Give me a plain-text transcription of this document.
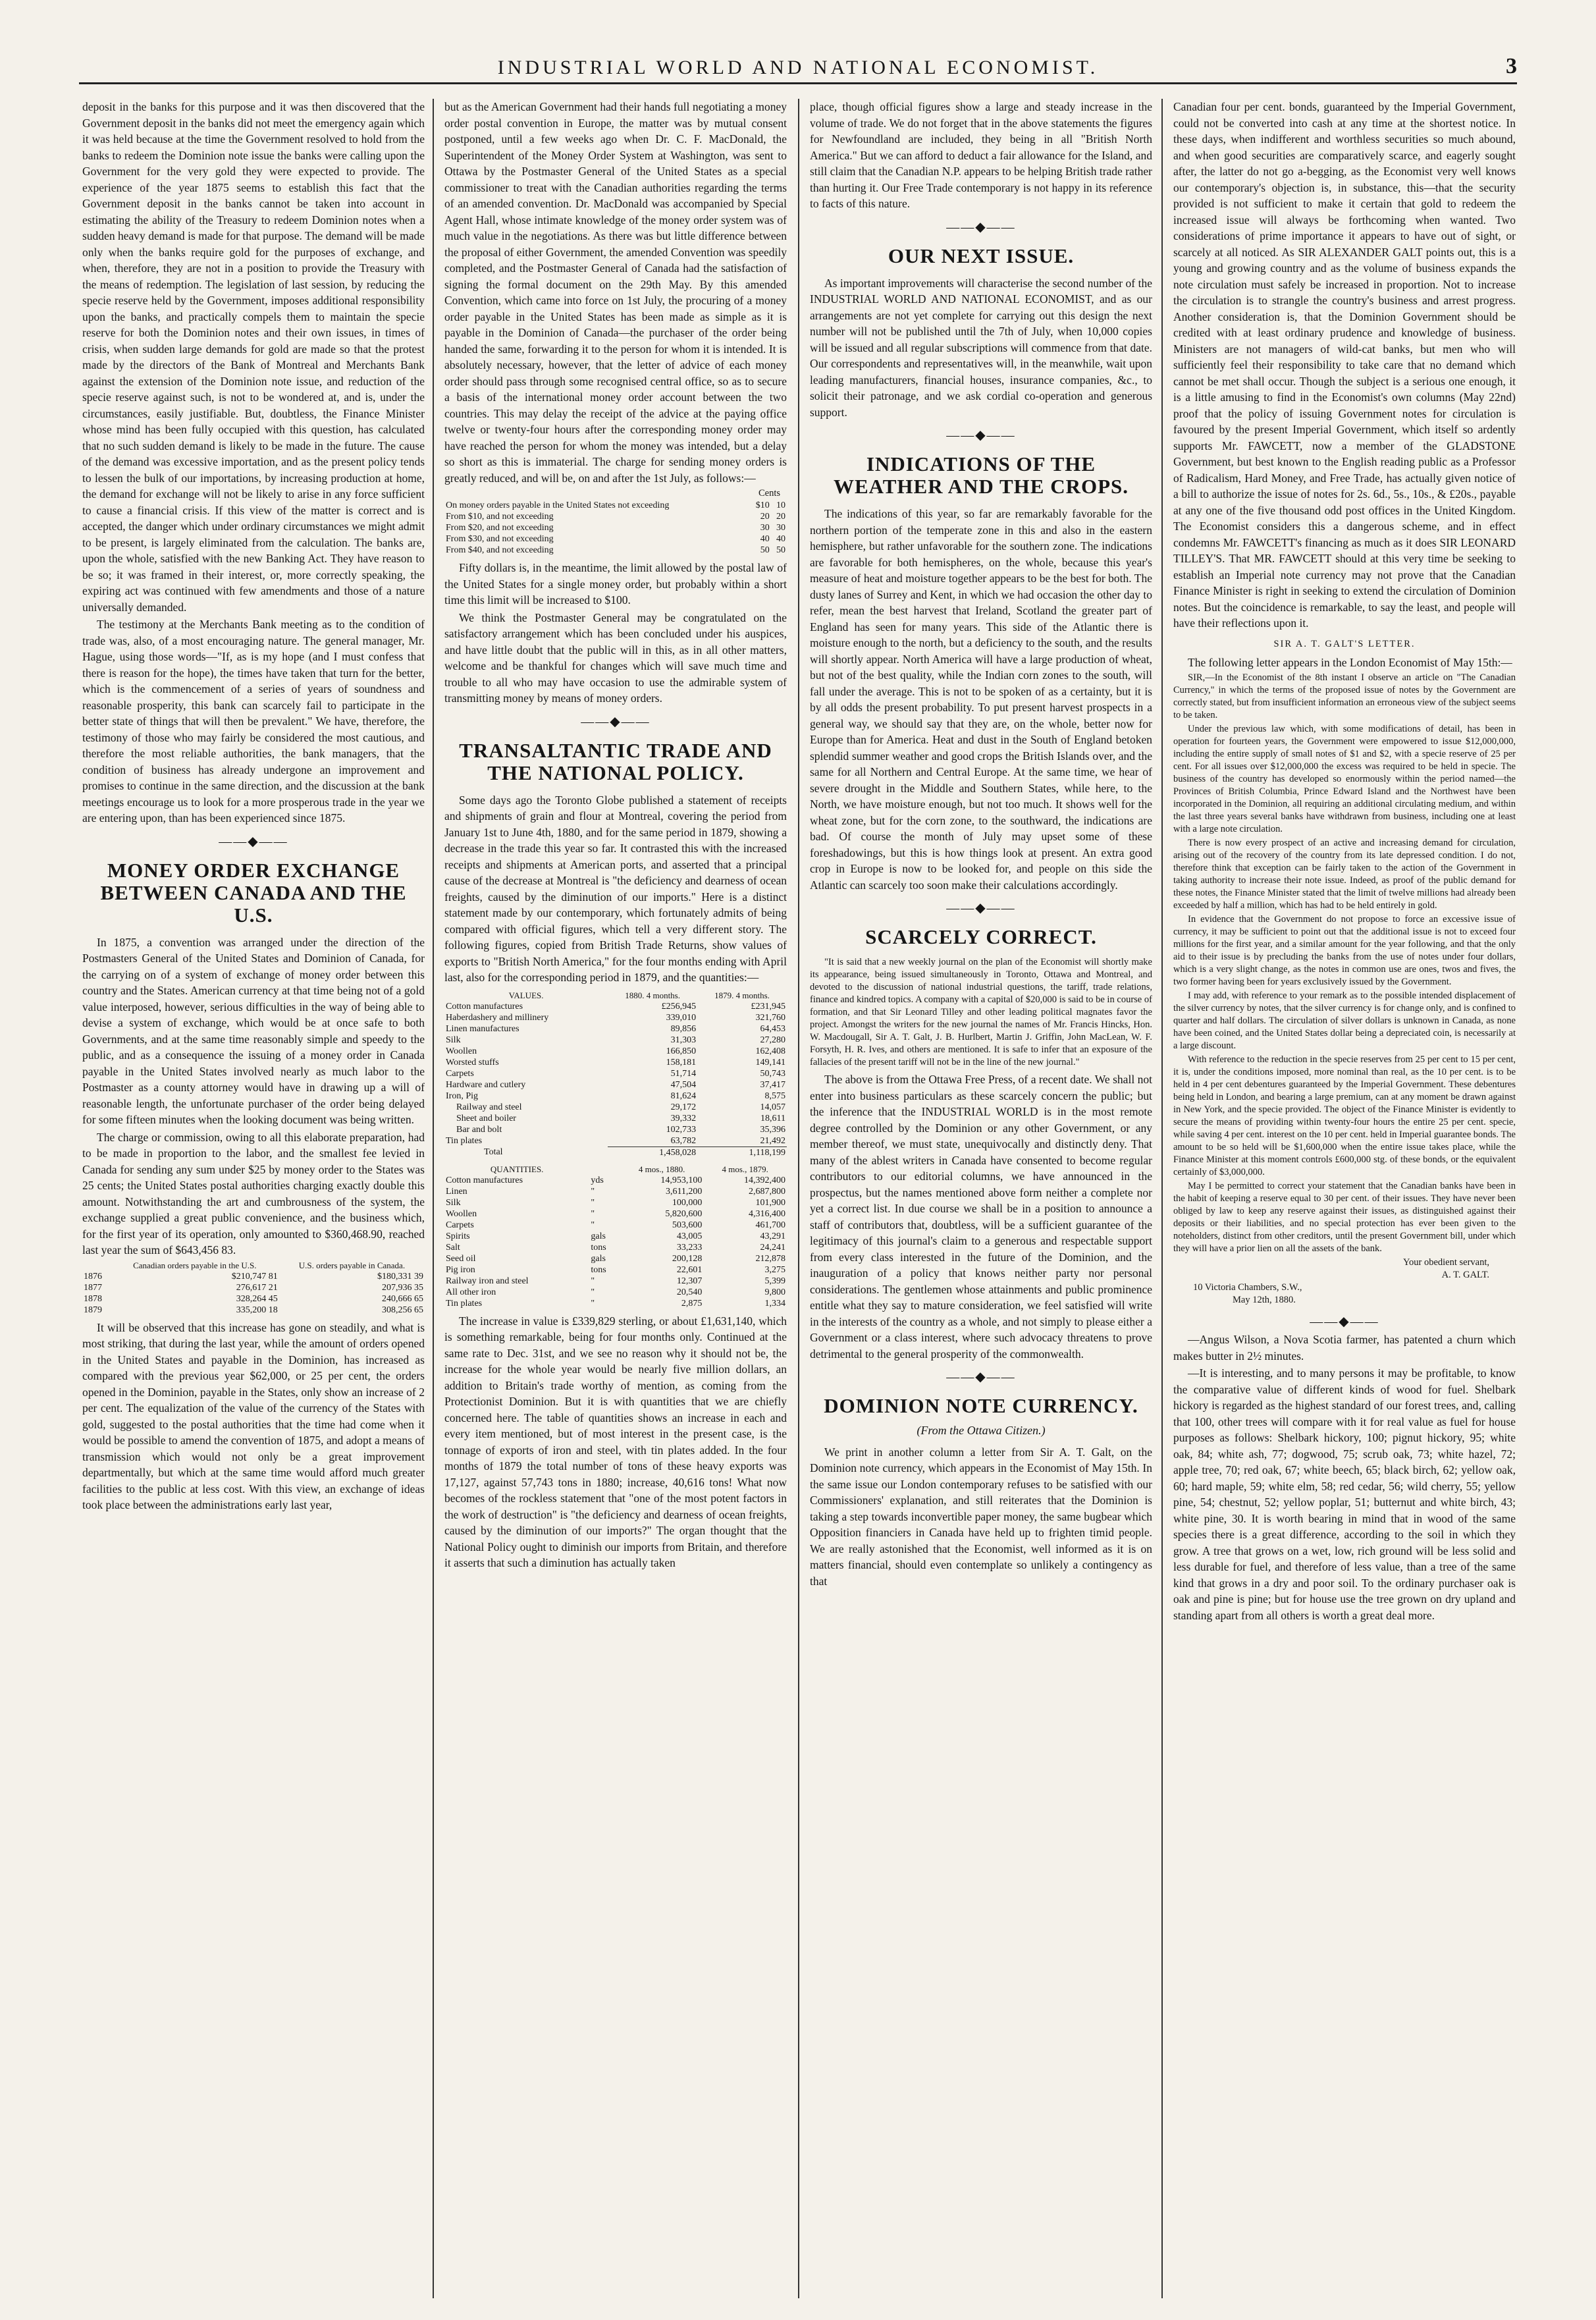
INDUSTRIAL WORLD AND NATIONAL ECONOMIST.	3

deposit in the banks for this purpose and it was then discovered that the Government deposit in the banks did not meet the emergency again which it was held because at the time the Government resolved to hold from the banks to redeem the Dominion note issue the banks were calling upon the Government for the very gold they were expected to provide. The experience of the year 1875 seems to establish this fact that the Government deposit in the banks cannot be taken into account in estimating the ability of the Treasury to redeem Dominion notes when a sudden heavy demand is made for that purpose. The demand will be made only when the banks require gold for the purposes of exchange, and when, therefore, they are not in a position to provide the Treasury with the means of redemption. The legislation of last session, by reducing the specie reserve held by the Government, imposes additional responsibility upon the banks, and practically compels them to maintain the specie reserve for both the Dominion notes and their own issues, in times of crisis, when sudden large demands for gold are made so that the protest made by the directors of the Bank of Montreal and Merchants Bank against the extension of the Dominion note issue, and reduction of the specie reserve against such, is not to be wondered at, and is, under the circumstances, easily justifiable. But, doubtless, the Finance Minister whose mind has been fully occupied with this question, has calculated that no such sudden demand is likely to be made in the future. The cause of the demand was excessive importation, and as the present policy tends to lessen the bulk of our importations, by increasing production at home, the demand for exchange will not be likely to arise in any force sufficient to cause a financial crisis. If this view of the matter is correct and is accepted, the danger which under ordinary circumstances we might admit to be present, is largely eliminated from the calculation. The banks are, upon the whole, satisfied with the new Banking Act. They have reason to be so; it was framed in their interest, or, more correctly speaking, the expiring act was continued with few amendments and those of a nature universally demanded.

The testimony at the Merchants Bank meeting as to the condition of trade was, also, of a most encouraging nature. The general manager, Mr. Hague, using those words—"If, as is my hope (and I must confess that there is reason for the hope), the times have taken that turn for the better, which is the commencement of a series of years of soundness and reasonable prosperity, this bank can scarcely fail to participate in the better state of things that will then be prevalent." We have, therefore, the testimony of those who may fairly be considered the most cautious, and therefore the most reliable authorities, the bank managers, that the condition of business has already undergone an improvement and promises to continue in the same direction, and the discussion at the bank meetings encourage us to look for a more prosperous trade in the year we are entering upon, than has been experienced since 1875.

——◆——
MONEY ORDER EXCHANGE BETWEEN CANADA AND THE U.S.

In 1875, a convention was arranged under the direction of the Postmasters General of the United States and Dominion of Canada, for the carrying on of a system of exchange of money order between this country and the States. American currency at that time being not of a gold value interposed, however, serious difficulties in the way of being able to devise a system of exchange, which would be at once safe to both Governments, and at the same time reasonably simple and speedy to the public, and as a consequence the issuing of a money order in Canada payable in the United States involved nearly as much labor to the Postmaster as a county attorney would have in drawing up a will of reasonable length, the unfortunate purchaser of the order being delayed for some fifteen minutes when the looking document was being written.

The charge or commission, owing to all this elaborate preparation, had to be made in proportion to the labor, and the smallest fee levied in Canada for sending any sum under $25 by money order to the States was 25 cents; the United States postal authorities charging exactly double this amount. Notwithstanding the art and cumbrousness of the system, the exchange supplied a great public convenience, and the business which, for the first year of its operation, only amounted to $360,468.90, reached last year the sum of $643,456 83.

	Canadian orders payable in the U.S.	U.S. orders payable in Canada.
1876	$210,747 81	$180,331 39
1877	276,617 21	207,936 35
1878	328,264 45	240,666 65
1879	335,200 18	308,256 65

It will be observed that this increase has gone on steadily, and what is most striking, that during the last year, while the amount of orders opened in the United States and payable in the Dominion, has increased as compared with the previous year $62,000, or 25 per cent, the orders opened in the Dominion, payable in the States, only show an increase of 2 per cent. The equalization of the value of the currency of the States with gold, suggested to the postal authorities that the time had come when it would be possible to amend the convention of 1875, and adopt a means of transmission which would not only be a great improvement departmentally, but which at the same time would afford much greater facilities to the public at less cost. With this view, an exchange of ideas took place between the administrations early last year,

but as the American Government had their hands full negotiating a money order postal convention in Europe, the matter was by mutual consent postponed, until a few weeks ago when Dr. C. F. MacDonald, the Superintendent of the Money Order System at Washington, was sent to Ottawa by the Postmaster General of the United States as a special commissioner to treat with the Canadian authorities regarding the terms of an amended convention. Dr. MacDonald was accompanied by Special Agent Hall, whose intimate knowledge of the money order system was of much value in the negotiations. As there was but little difference between the proposal of either Government, the amended Convention was speedily completed, and the Postmaster General of Canada had the satisfaction of signing the formal document on the 29th May. By this amended Convention, which came into force on 1st July, the procuring of a money order payable in the United States has been made as simple as it is payable in the Dominion of Canada—the purchaser of the order being handed the same, forwarding it to the person for whom it is intended. It is absolutely necessary, however, that the letter of advice of each money order should pass through some recognised central office, so as to secure a basis of the international money order account between the two countries. This may delay the receipt of the advice at the paying office twelve or twenty-four hours after the corresponding money order may have reached the person for whom the money was intended, but a delay so short as this is immaterial. The charge for sending money orders is greatly reduced, and will be, on and after the 1st July, as follows:—

Cents
On money orders payable in the United States not exceeding	$10	10
From $10, and not exceeding	20	20
From $20, and not exceeding	30	30
From $30, and not exceeding	40	40
From $40, and not exceeding	50	50

Fifty dollars is, in the meantime, the limit allowed by the postal law of the United States for a single money order, but probably within a short time this limit will be increased to $100.

We think the Postmaster General may be congratulated on the satisfactory arrangement which has been concluded under his auspices, and have little doubt that the public will in this, as in all other matters, welcome and be thankful for changes which will save much time and trouble to all who may have occasion to use the admirable system of transmitting money by means of money orders.

——◆——
TRANSALTANTIC TRADE AND THE NATIONAL POLICY.

Some days ago the Toronto Globe published a statement of receipts and shipments of grain and flour at Montreal, covering the period from January 1st to June 4th, 1880, and for the same period in 1879, showing a decrease in the trade this year so far. It contrasted this with the increased receipts and shipments at American ports, and asserted that a principal cause of the decrease at Montreal is "the deficiency and dearness of ocean freights, caused by the diminution of our imports." Here is a distinct statement made by our contemporary, which fortunately admits of being compared with official figures, which tell a very different story. The following figures, copied from British Trade Returns, show values of exports to "British North America," for the four months ending with April last, also for the corresponding period in 1879, and the quantities:—

VALUES.	1880. 4 months.	1879. 4 months.
Cotton manufactures	£256,945	£231,945
Haberdashery and millinery	339,010	321,760
Linen manufactures	89,856	64,453
Silk	31,303	27,280
Woollen	166,850	162,408
Worsted stuffs	158,181	149,141
Carpets	51,714	50,743
Hardware and cutlery	47,504	37,417
Iron, Pig	81,624	8,575
Railway and steel	29,172	14,057
Sheet and boiler	39,332	18,611
Bar and bolt	102,733	35,396
Tin plates	63,782	21,492
Total	1,458,028	1,118,199
QUANTITIES.		4 mos., 1880.	4 mos., 1879.
Cotton manufactures	yds	14,953,100	14,392,400
Linen	"	3,611,200	2,687,800
Silk	"	100,000	101,900
Woollen	"	5,820,600	4,316,400
Carpets	"	503,600	461,700
Spirits	gals	43,005	43,291
Salt	tons	33,233	24,241
Seed oil	gals	200,128	212,878
Pig iron	tons	22,601	3,275
Railway iron and steel	"	12,307	5,399
All other iron	"	20,540	9,800
Tin plates	"	2,875	1,334

The increase in value is £339,829 sterling, or about £1,631,140, which is something remarkable, being for four months only. Continued at the same rate to Dec. 31st, and we see no reason why it should not be, the increase for the whole year would be nearly five million dollars, an addition to Britain's trade worthy of mention, as coming from the Protectionist Dominion. But it is with quantities that we are chiefly concerned here. The table of quantities shows an increase in each and every item mentioned, but of most interest in the present case, is the tonnage of exports of iron and steel, with tin plates added. In the four months of 1879 the total number of tons of these heavy exports was 17,127, against 57,743 tons in 1880; increase, 40,616 tons! What now becomes of the rockless statement that "one of the most potent factors in the work of destruction" is "the deficiency and dearness of ocean freights, caused by the diminution of our imports?" The organ thought that the National Policy ought to diminish our imports from Britain, and therefore it asserts that such a diminution has actually taken

place, though official figures show a large and steady increase in the volume of trade. We do not forget that in the above statements the figures for Newfoundland are included, they being in all "British North America." But we can afford to deduct a fair allowance for the Island, and still claim that the Canadian N.P. appears to be helping British trade rather than hurting it. Our Free Trade contemporary is not happy in its reference to facts of this nature.

——◆——
OUR NEXT ISSUE.

As important improvements will characterise the second number of the INDUSTRIAL WORLD AND NATIONAL ECONOMIST, and as our arrangements are not yet complete for carrying out this design the next number will not be published until the 7th of July, when 10,000 copies will be issued and all regular subscriptions will commence from that date. Our correspondents and representatives will, in the meanwhile, wait upon leading manufacturers, financial houses, insurance companies, &c., to solicit their patronage, and we ask cordial co-operation and generous support.

——◆——
INDICATIONS OF THE WEATHER AND THE CROPS.

The indications of this year, so far are remarkably favorable for the northern portion of the temperate zone in this and also in the eastern hemisphere, but rather unfavorable for the southern zone. The indications are favorable for both hemispheres, on the whole, because this year's measure of heat and moisture together appears to be the best for both. The dusty lanes of Surrey and Kent, in which we had occasion the other day to refer, mean the best harvest that Ireland, Scotland the greater part of England has seen for many years. This side of the Atlantic there is moisture enough to the north, but a deficiency to the south, and the results will shortly appear. North America will have a large production of wheat, but not of the best quality, while the Indian corn zones to the south, will fall under the average. This is not to be spoken of as a certainty, but it is by all odds the present probability. To put present harvest prospects in a general way, we should say that they are, on the whole, better now for Europe than for America. Heat and dust in the South of England betoken splendid summer weather and good crops the British Islands over, and the same for all Northern and Central Europe. At the same time, we hear of severe drought in the Middle and Southern States, while here, to the North, we have moisture enough, but not too much. It shows well for the wheat zone, but for the corn zone, to the southward, the indications are bad. Of course the month of July may upset some of these foreshadowings, but this is how things look at present. An extra good crop in Europe is now to be looked for, and people on this side the Atlantic can scarcely too soon make their calculations accordingly.

——◆——
SCARCELY CORRECT.

"It is said that a new weekly journal on the plan of the Economist will shortly make its appearance, being issued simultaneously in Toronto, Ottawa and Montreal, and devoted to the discussion of national industrial questions, the tariff, trade relations, finance and kindred topics. A company with a capital of $20,000 is said to be in course of formation, and that Sir Leonard Tilley and other leading political magnates favor the project. Amongst the writers for the new journal the names of Mr. Francis Hincks, Hon. W. Macdougall, Sir A. T. Galt, J. B. Hurlbert, Martin J. Griffin, John MacLean, W. F. Forsyth, H. R. Ives, and others are mentioned. It is safe to infer that an exposure of the fallacies of the present tariff will not be in the line of the new journal."

The above is from the Ottawa Free Press, of a recent date. We shall not enter into business particulars as these scarcely concern the public; but the inference that the INDUSTRIAL WORLD is in the most remote degree controlled by the Dominion or any other Government, or any member thereof, we must state, unequivocally and distinctly deny. That many of the ablest writers in Canada have consented to become regular contributors to our editorial columns, we have announced in the prospectus, but the names mentioned above form neither a complete nor yet a correct list. In due course we shall be in a position to announce a staff of contributors that, doubtless, will be a sufficient guarantee of the legitimacy of this journal's claim to a generous and respectable support from every class interested in the future of the Dominion, and the inauguration of a policy that knows neither party nor personal considerations. The gentlemen whose attainments and public prominence entitle what they say to mature consideration, we feel satisfied will write in the interests of the country as a whole, and not simply to please either a Government or a class interest, where such advocacy threatens to prove detrimental to the general prosperity of the commonwealth.

——◆——
DOMINION NOTE CURRENCY.
(From the Ottawa Citizen.)

We print in another column a letter from Sir A. T. Galt, on the Dominion note currency, which appears in the Economist of May 15th. In the same issue our London contemporary refuses to be satisfied with our Commissioners' explanation, and still reiterates that the Dominion is taking a step towards inconvertible paper money, the same bugbear which Opposition financiers in Canada have held up to frighten timid people. We are really astonished that the Economist, well informed as it is on matters financial, should even contemplate so unlikely a contingency as that

Canadian four per cent. bonds, guaranteed by the Imperial Government, could not be converted into cash at any time at the shortest notice. In these days, when indifferent and worthless securities so much abound, and when good securities are comparatively scarce, and eagerly sought after, the latter do not go a-begging, as the Economist very well knows our contemporary's objection is, in substance, this—that the security provided is not sufficient to make it certain that gold to redeem the increased issue will always be forthcoming when wanted. Two considerations of prime importance it appears to have out of sight, or scarcely at all noticed. As SIR ALEXANDER GALT points out, this is a young and growing country and as the volume of business expands the note circulation must safely be increased in proportion. Not to increase the circulation is to strangle the country's business and arrest progress. Another consideration is, that the Dominion Government should be credited with at least ordinary prudence and knowledge of business. Ministers are not managers of wild-cat banks, but men who will sufficiently feel their responsibility to take care that no demand which cannot be met shall occur. Though the subject is a serious one enough, it is a little amusing to find in the Economist's own columns (May 22nd) proof that the policy of issuing Government notes for circulation is favoured by the present Imperial Government, which itself so ardently supports Mr. FAWCETT, now a member of the GLADSTONE Government, but best known to the English reading public as a Professor of Radicalism, Hard Money, and Free Trade, has actually given notice of a bill to authorize the issue of notes for 2s. 6d., 5s., 10s., & £20s., payable at any one of the five thousand odd post offices in the United Kingdom. The Economist considers this a dangerous scheme, and in effect condemns Mr. FAWCETT's financing as much as it does SIR LEONARD TILLEY'S. That MR. FAWCETT should at this very time be seeking to establish an Imperial note currency may not prove that the Canadian Finance Minister is right in seeking to extend the circulation of Dominion notes. But the coincidence is remarkable, to say the least, and people will have their reflections upon it.

SIR A. T. GALT'S LETTER.

The following letter appears in the London Economist of May 15th:—

SIR,—In the Economist of the 8th instant I observe an article on "The Canadian Currency," in which the terms of the proposed issue of notes by the Government are correctly stated, but from insufficient information an erroneous view of the subject seems to be taken.

Under the previous law which, with some modifications of detail, has been in operation for fourteen years, the Government were empowered to issue $12,000,000, including the entire supply of small notes of $1 and $2, with a specie reserve of 25 per cent. For all issues over $12,000,000 the excess was required to be held in specie. The business of the country has developed so enormously within the period named—the Provinces of British Columbia, Prince Edward Island and the Northwest have been incorporated in the Dominion, all requiring an additional circulating medium, and within the last three years several banks have withdrawn from business, including one at least with a large note circulation.

There is now every prospect of an active and increasing demand for circulation, arising out of the recovery of the country from its late depressed condition. I do not, therefore think that exception can be fairly taken to the action of the Government in taking authority to increase their note issue. Indeed, as proof of the public demand for these notes, the Finance Minister stated that the limit of twelve millions had already been exceeded by half a million, which has had to be held entirely in gold.

In evidence that the Government do not propose to force an excessive issue of currency, it may be sufficient to point out that the additional issue is not to exceed four millions for the first year, and a similar amount for the year following, and that the only aid to their issue is by precluding the banks from the use of notes under four dollars, which is a very slight change, as the notes in common use are ones, twos and fives, the two former having been for years exclusively issued by the Government.

I may add, with reference to your remark as to the possible intended displacement of the silver currency by notes, that the silver currency is for change only, and is confined to quarter and half dollars. The circulation of silver dollars is unknown in Canada, as none have been coined, and the United States dollar being a depreciated coin, is necessarily at a large discount.

With reference to the reduction in the specie reserves from 25 per cent to 15 per cent, it is, under the conditions imposed, more nominal than real, as the 10 per cent. is to be held in 4 per cent debentures guaranteed by the Imperial Government. These debentures being held in London, and bearing a large premium, can at any moment be drawn against in New York, and the specie provided. The object of the Finance Minister is evidently to secure the means of providing within twenty-four hours the entire 25 per cent. specie, while saving 4 per cent. interest on the 10 per cent. held in Imperial guarantee bonds. The amount to be so held will be $1,600,000 when the entire issue takes place, while the Finance Minister at this moment controls £600,000 stg. of these bonds, or the equivalent certainly of $3,000,000.

May I be permitted to correct your statement that the Canadian banks have been in the habit of keeping a reserve equal to 30 per cent. of their issues. They have never been obliged by law to keep any reserve against their issues, as distinguished against their deposits or their liabilities, and no special protection has ever been given to the noteholders, distinct from other creditors, until the present Government bill, under which they will have a prior lien on all the assets of the bank.

Your obedient servant,
A. T. GALT.
10 Victoria Chambers, S.W.,
May 12th, 1880.
——◆——

—Angus Wilson, a Nova Scotia farmer, has patented a churn which makes butter in 2½ minutes.

—It is interesting, and to many persons it may be profitable, to know the comparative value of different kinds of wood for fuel. Shelbark hickory is regarded as the highest standard of our forest trees, and, calling that 100, other trees will compare with it for real value as fuel for house purposes as follows: Shelbark hickory, 100; pignut hickory, 95; white oak, 84; white ash, 77; dogwood, 75; scrub oak, 73; white hazel, 72; apple tree, 70; red oak, 67; white beech, 65; black birch, 62; yellow oak, 60; hard maple, 59; white elm, 58; red cedar, 56; wild cherry, 55; yellow pine, 54; chestnut, 52; yellow poplar, 51; butternut and white birch, 43; white pine, 30. It is worth bearing in mind that in wood of the same species there is a great difference, according to the soil in which they grow. A tree that grows on a wet, low, rich ground will be less solid and less durable for fuel, and therefore of less value, than a tree of the same kind that grows in a dry and poor soil. To the ordinary purchaser oak is oak and pine is pine; but for house use the tree grown on dry upland and standing apart from all others is worth a great deal more.
